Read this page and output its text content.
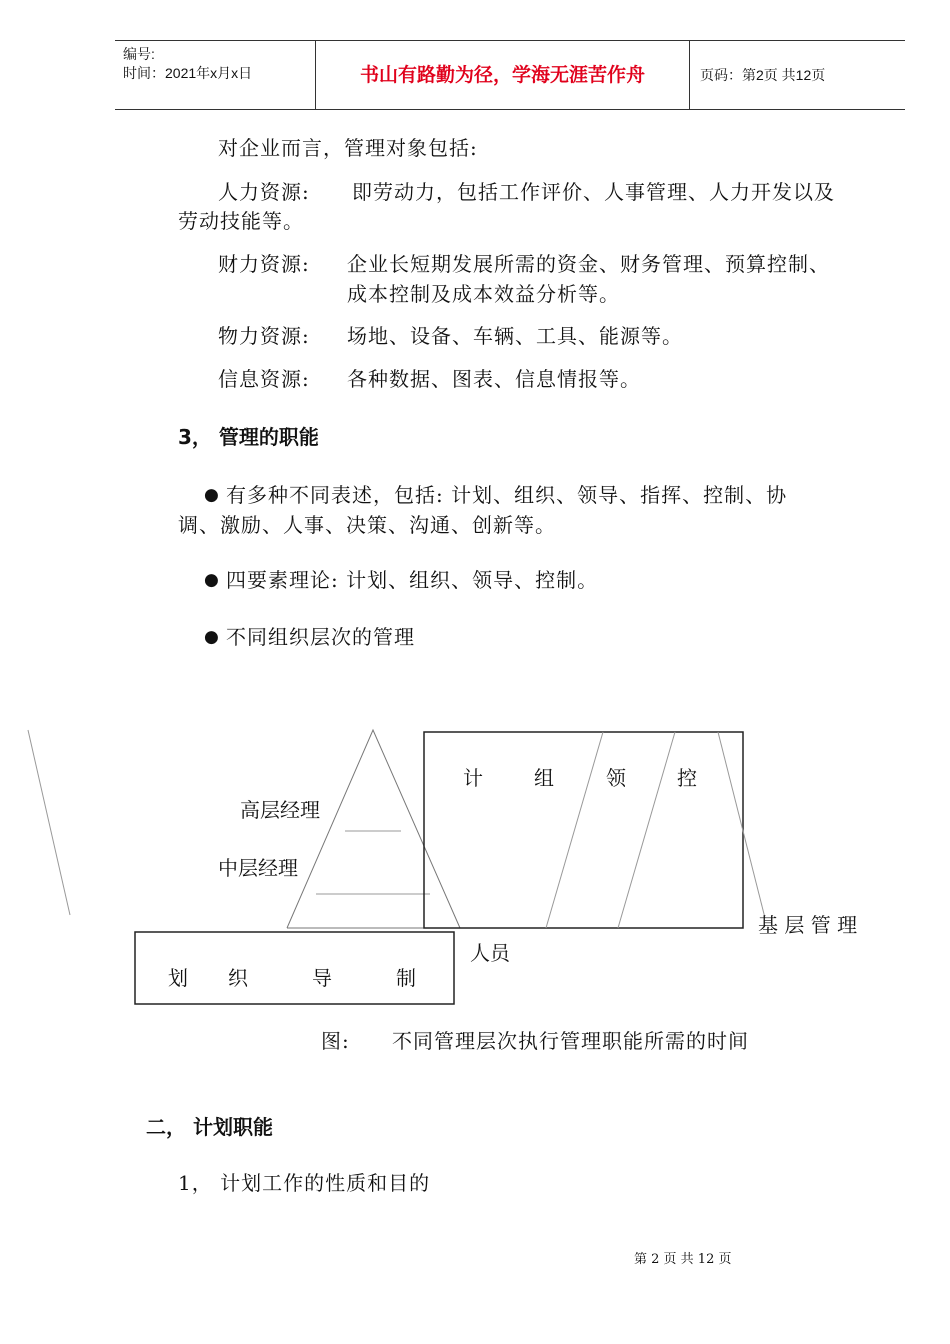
编号:
时间：2021年x月x日	书山有路勤为径，学海无涯苦作舟	页码：第2页 共12页
对企业而言，管理对象包括:
人力资源: 即劳动力，包括工作评价、人事管理、人力开发以及
劳动技能等。
财力资源: 企业长短期发展所需的资金、财务管理、预算控制、
成本控制及成本效益分析等。
物力资源: 场地、设备、车辆、工具、能源等。
信息资源: 各种数据、图表、信息情报等。
3， 管理的职能
● 有多种不同表述，包括: 计划、组织、领导、指挥、控制、协
调、激励、人事、决策、沟通、创新等。
● 四要素理论: 计划、组织、领导、控制。
● 不同组织层次的管理
计	组	领	控
高层经理
中层经理
基 层 管 理
人员
划 织	导	制
图: 不同管理层次执行管理职能所需的时间
二， 计划职能
1， 计划工作的性质和目的
第 2 页 共 12 页
